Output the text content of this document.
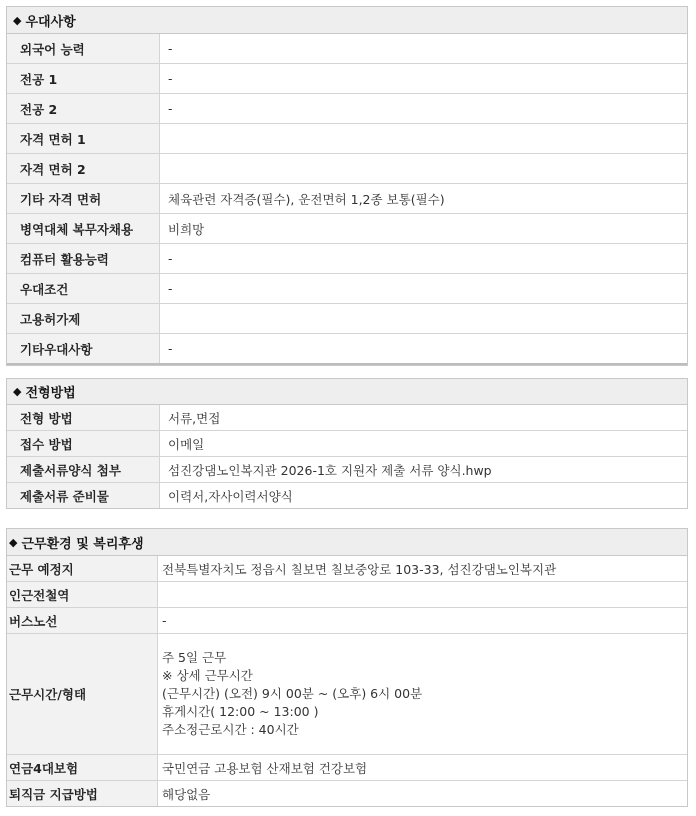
◆ 우대사항
외국어 능력	-
전공 1	-
전공 2	-
자격 면허 1	
자격 면허 2	
기타 자격 면허	체육관련 자격증(필수), 운전면허 1,2종 보통(필수)
병역대체 복무자채용	비희망
컴퓨터 활용능력	-
우대조건	-
고용허가제	
기타우대사항	-
◆ 전형방법
전형 방법	서류,면접
접수 방법	이메일
제출서류양식 첨부	섬진강댐노인복지관 2026-1호 지원자 제출 서류 양식.hwp
제출서류 준비물	이력서,자사이력서양식
◆ 근무환경 및 복리후생
근무 예정지	전북특별자치도 정읍시 칠보면 칠보중앙로 103-33, 섬진강댐노인복지관
인근전철역	
버스노선	-
근무시간/형태	주 5일 근무
※ 상세 근무시간
(근무시간) (오전) 9시 00분 ~ (오후) 6시 00분
휴게시간( 12:00 ~ 13:00 )
주소정근로시간 : 40시간

연금4대보험	국민연금 고용보험 산재보험 건강보험
퇴직금 지급방법	해당없음
